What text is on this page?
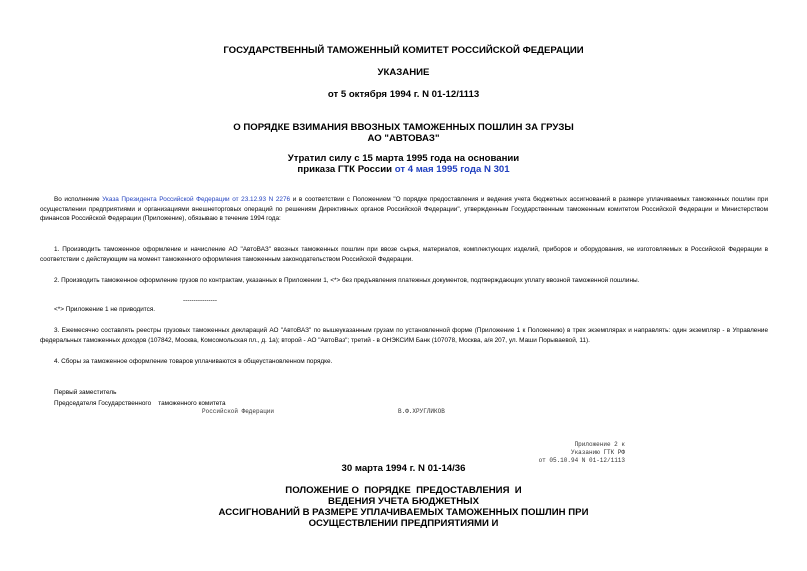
ГОСУДАРСТВЕННЫЙ ТАМОЖЕННЫЙ КОМИТЕТ РОССИЙСКОЙ ФЕДЕРАЦИИ
УКАЗАНИЕ
от 5 октября 1994 г. N 01-12/1113
О ПОРЯДКЕ ВЗИМАНИЯ ВВОЗНЫХ ТАМОЖЕННЫХ ПОШЛИН ЗА ГРУЗЫ
АО "АВТОВАЗ"
Утратил силу с 15 марта 1995 года на основании
приказа ГТК России от 4 мая 1995 года N 301
Во исполнение Указа Президента Российской Федерации от 23.12.93 N 2276 и в соответствии с Положением "О порядке предоставления и ведения учета бюджетных ассигнований в размере уплачиваемых таможенных пошлин при осуществлении предприятиями и организациями внешнеторговых операций по решениям Директивных органов Российской Федерации", утвержденным Государственным таможенным комитетом Российской Федерации и Министерством финансов Российской Федерации (Приложение), обязываю в течение 1994 года:
1. Производить таможенное оформление и начисление АО "АвтоВАЗ" ввозных таможенных пошлин при ввозе сырья, материалов, комплектующих изделий, приборов и оборудования, не изготовляемых в Российской Федерации в соответствии с действующим на момент таможенного оформления таможенным законодательством Российской Федерации.
2. Производить таможенное оформление грузов по контрактам, указанных в Приложении 1, <*> без предъявления платежных документов, подтверждающих уплату ввозной таможенной пошлины.
----------------
<*> Приложение 1 не приводится.
3. Ежемесячно составлять реестры грузовых таможенных деклараций АО "АвтоВАЗ" по вышеуказанным грузам по установленной форме (Приложение 1 к Положению) в трех экземплярах и направлять: один экземпляр - в Управление федеральных таможенных доходов (107842, Москва, Комсомольская пл., д. 1а); второй - АО "АвтоВаз"; третий - в ОНЭКСИМ Банк (107078, Москва, а/я 207, ул. Маши Порываевой, 11).
4. Сборы за таможенное оформление товаров уплачиваются в общеустановленном порядке.
Первый заместитель
Председателя Государственного    таможенного комитета
Российской Федерации	В.Ф.ХРУГЛИКОВ
Приложение 2 к
Указанию ГТК РФ
от 05.10.94 N 01-12/1113
30 марта 1994 г. N 01-14/36
ПОЛОЖЕНИЕ О  ПОРЯДКЕ  ПРЕДОСТАВЛЕНИЯ  И
ВЕДЕНИЯ УЧЕТА БЮДЖЕТНЫХ
АССИГНОВАНИЙ В РАЗМЕРЕ УПЛАЧИВАЕМЫХ ТАМОЖЕННЫХ ПОШЛИН ПРИ
ОСУЩЕСТВЛЕНИИ ПРЕДПРИЯТИЯМИ И
